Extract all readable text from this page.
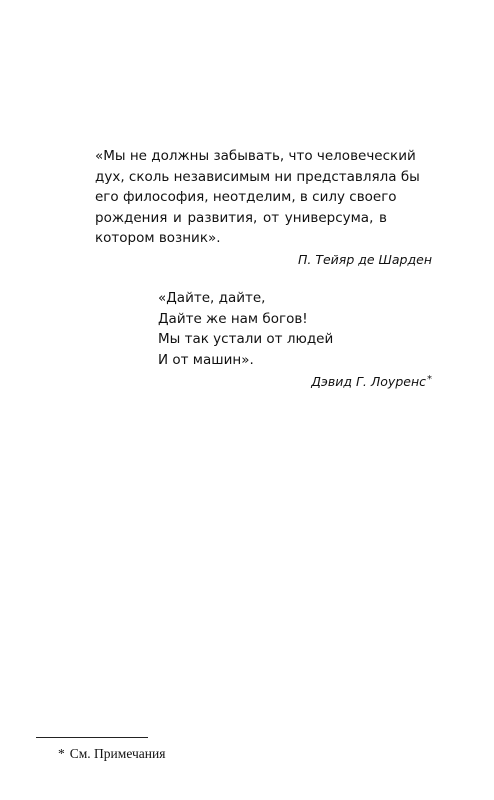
«Мы не должны забывать, что человеческий
дух, сколь независимым ни представляла бы
его философия, неотделим, в силу своего
рождения и развития, от универсума, в
котором возник».
П. Тейяр де Шарден
«Дайте, дайте,
Дайте же нам богов!
Мы так устали от людей
И от машин».
Дэвид Г. Лоуренс*
* См. Примечания
